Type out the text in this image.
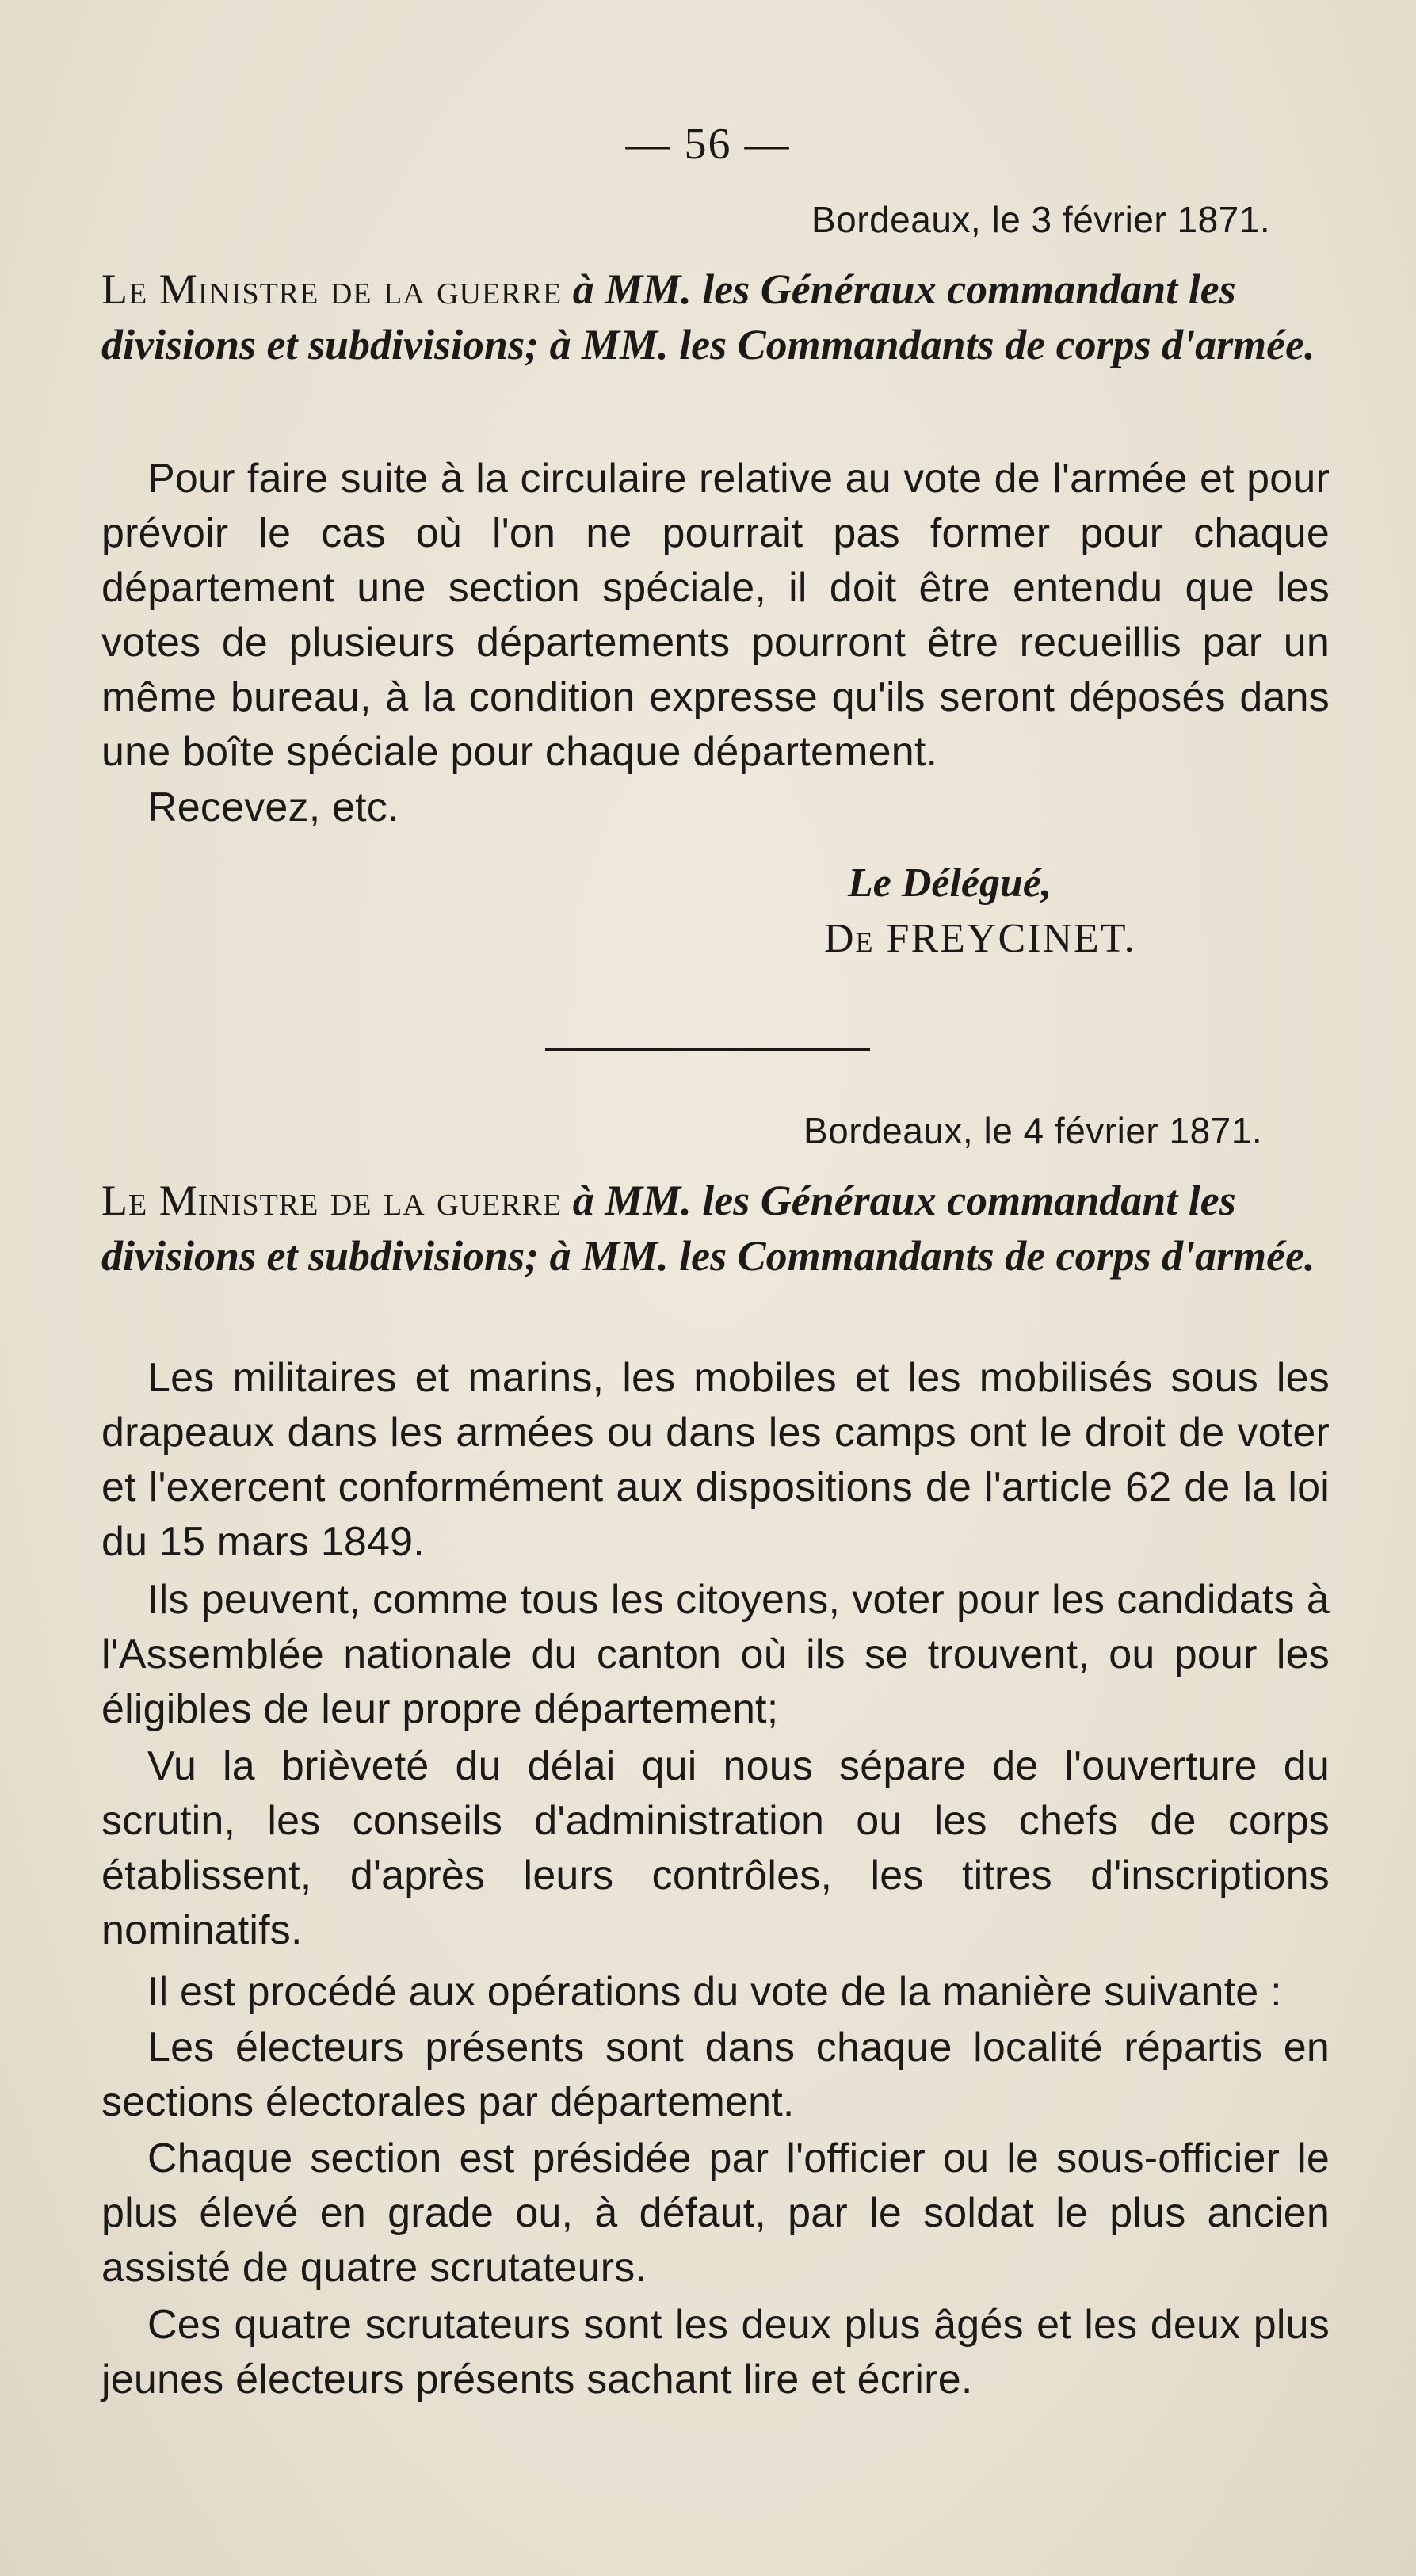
— 56 —
Bordeaux, le 3 février 1871.
Le Ministre de la guerre à MM. les Généraux commandant les divisions et subdivisions; à MM. les Commandants de corps d'armée.
Pour faire suite à la circulaire relative au vote de l'armée et pour prévoir le cas où l'on ne pourrait pas former pour chaque département une section spéciale, il doit être entendu que les votes de plusieurs départements pourront être recueillis par un même bureau, à la condition expresse qu'ils seront déposés dans une boîte spéciale pour chaque département.
Recevez, etc.
Le Délégué,
De FREYCINET.
Bordeaux, le 4 février 1871.
Le Ministre de la guerre à MM. les Généraux commandant les divisions et subdivisions; à MM. les Commandants de corps d'armée.
Les militaires et marins, les mobiles et les mobilisés sous les drapeaux dans les armées ou dans les camps ont le droit de voter et l'exercent conformément aux dispositions de l'article 62 de la loi du 15 mars 1849.
Ils peuvent, comme tous les citoyens, voter pour les candidats à l'Assemblée nationale du canton où ils se trouvent, ou pour les éligibles de leur propre département;
Vu la brièveté du délai qui nous sépare de l'ouverture du scrutin, les conseils d'administration ou les chefs de corps établissent, d'après leurs contrôles, les titres d'inscriptions nominatifs.
Il est procédé aux opérations du vote de la manière suivante :
Les électeurs présents sont dans chaque localité répartis en sections électorales par département.
Chaque section est présidée par l'officier ou le sous-officier le plus élevé en grade ou, à défaut, par le soldat le plus ancien assisté de quatre scrutateurs.
Ces quatre scrutateurs sont les deux plus âgés et les deux plus jeunes électeurs présents sachant lire et écrire.
